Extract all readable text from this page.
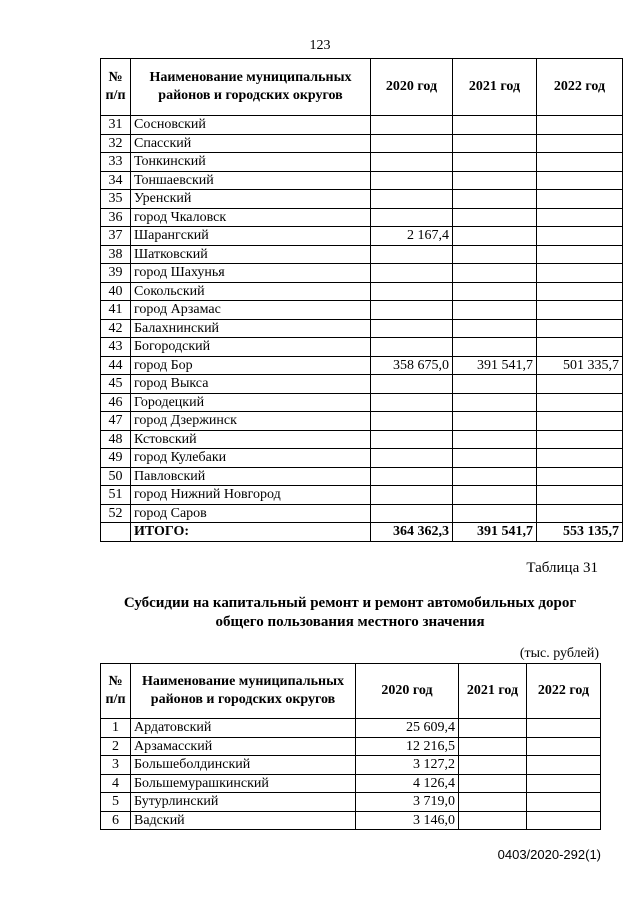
123
№ п/п	Наименование муниципальных районов и городских округов	2020 год	2021 год	2022 год
31	Сосновский			
32	Спасский			
33	Тонкинский			
34	Тоншаевский			
35	Уренский			
36	город Чкаловск			
37	Шарангский	2 167,4		
38	Шатковский			
39	город Шахунья			
40	Сокольский			
41	город Арзамас			
42	Балахнинский			
43	Богородский			
44	город Бор	358 675,0	391 541,7	501 335,7
45	город Выкса			
46	Городецкий			
47	город Дзержинск			
48	Кстовский			
49	город Кулебаки			
50	Павловский			
51	город Нижний Новгород			
52	город Саров			
	ИТОГО:	364 362,3	391 541,7	553 135,7
Таблица 31
Субсидии на капитальный ремонт и ремонт автомобильных дорог
общего пользования местного значения
(тыс. рублей)
№ п/п	Наименование муниципальных районов и городских округов	2020 год	2021 год	2022 год
1	Ардатовский	25 609,4		
2	Арзамасский	12 216,5		
3	Большеболдинский	3 127,2		
4	Большемурашкинский	4 126,4		
5	Бутурлинский	3 719,0		
6	Вадский	3 146,0		
0403/2020-292(1)
